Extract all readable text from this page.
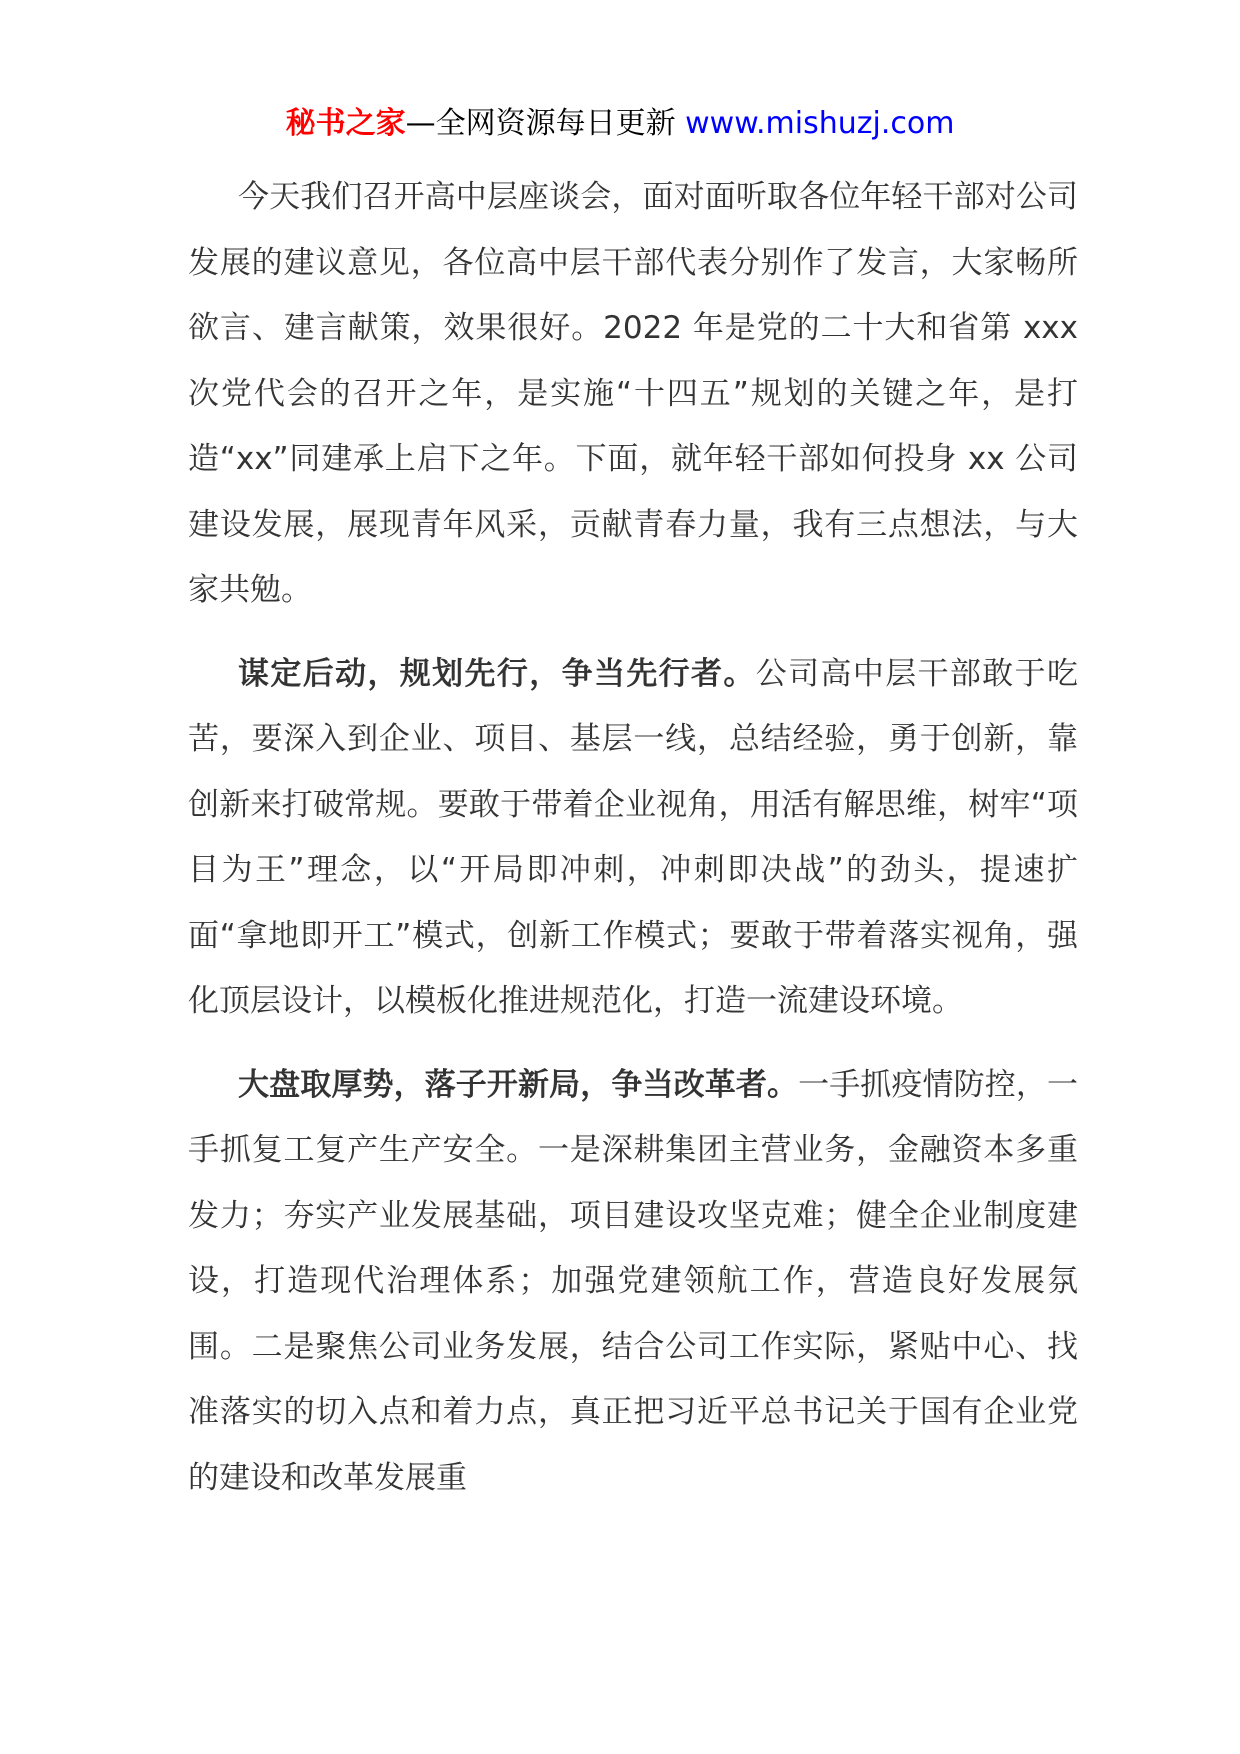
秘书之家—全网资源每日更新 www.mishuzj.com

今天我们召开高中层座谈会，面对面听取各位年轻干部对公司发展的建议意见，各位高中层干部代表分别作了发言，大家畅所欲言、建言献策，效果很好。2022 年是党的二十大和省第 xxx 次党代会的召开之年，是实施“十四五”规划的关键之年，是打造“xx”同建承上启下之年。下面，就年轻干部如何投身 xx 公司建设发展，展现青年风采，贡献青春力量，我有三点想法，与大家共勉。

谋定后动，规划先行，争当先行者。公司高中层干部敢于吃苦，要深入到企业、项目、基层一线，总结经验，勇于创新，靠创新来打破常规。要敢于带着企业视角，用活有解思维，树牢“项目为王”理念，以“开局即冲刺，冲刺即决战”的劲头，提速扩面“拿地即开工”模式，创新工作模式；要敢于带着落实视角，强化顶层设计，以模板化推进规范化，打造一流建设环境。

大盘取厚势，落子开新局，争当改革者。一手抓疫情防控，一手抓复工复产生产安全。一是深耕集团主营业务，金融资本多重发力；夯实产业发展基础，项目建设攻坚克难；健全企业制度建设，打造现代治理体系；加强党建领航工作，营造良好发展氛围。二是聚焦公司业务发展，结合公司工作实际，紧贴中心、找准落实的切入点和着力点，真正把习近平总书记关于国有企业党的建设和改革发展重
